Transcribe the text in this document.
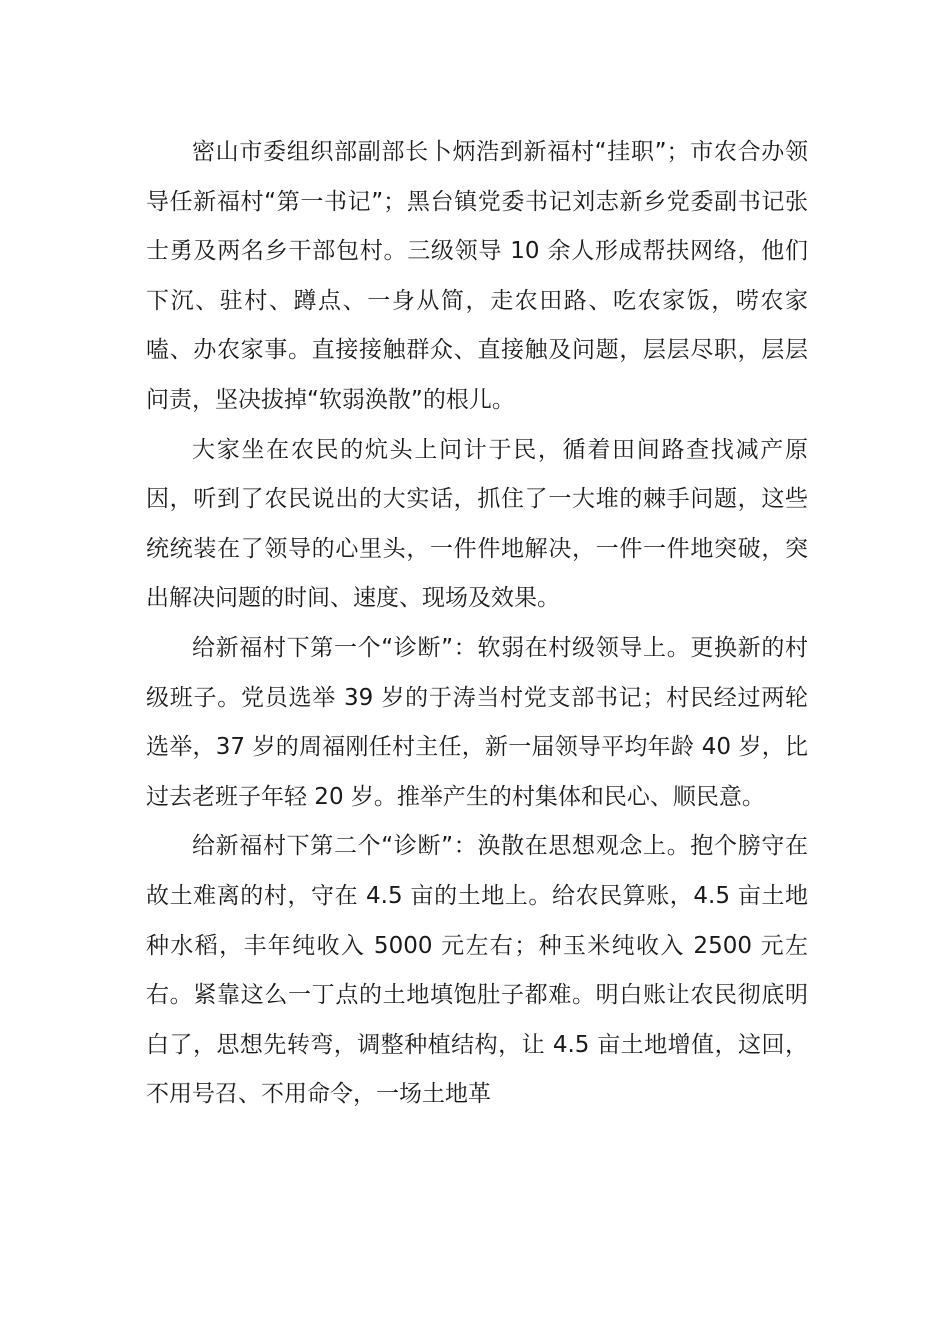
密山市委组织部副部长卜炳浩到新福村“挂职”；市农合办领导任新福村“第一书记”；黑台镇党委书记刘志新乡党委副书记张士勇及两名乡干部包村。三级领导 10 余人形成帮扶网络，他们下沉、驻村、蹲点、一身从简，走农田路、吃农家饭，唠农家嗑、办农家事。直接接触群众、直接触及问题，层层尽职，层层问责，坚决拔掉“软弱涣散”的根儿。

大家坐在农民的炕头上问计于民，循着田间路查找减产原因，听到了农民说出的大实话，抓住了一大堆的棘手问题，这些统统装在了领导的心里头，一件件地解决，一件一件地突破，突出解决问题的时间、速度、现场及效果。

给新福村下第一个“诊断”：软弱在村级领导上。更换新的村级班子。党员选举 39 岁的于涛当村党支部书记；村民经过两轮选举，37 岁的周福刚任村主任，新一届领导平均年龄 40 岁，比过去老班子年轻 20 岁。推举产生的村集体和民心、顺民意。

给新福村下第二个“诊断”：涣散在思想观念上。抱个膀守在故土难离的村，守在 4.5 亩的土地上。给农民算账，4.5 亩土地种水稻，丰年纯收入 5000 元左右；种玉米纯收入 2500 元左右。紧靠这么一丁点的土地填饱肚子都难。明白账让农民彻底明白了，思想先转弯，调整种植结构，让 4.5 亩土地增值，这回，不用号召、不用命令，一场土地革
